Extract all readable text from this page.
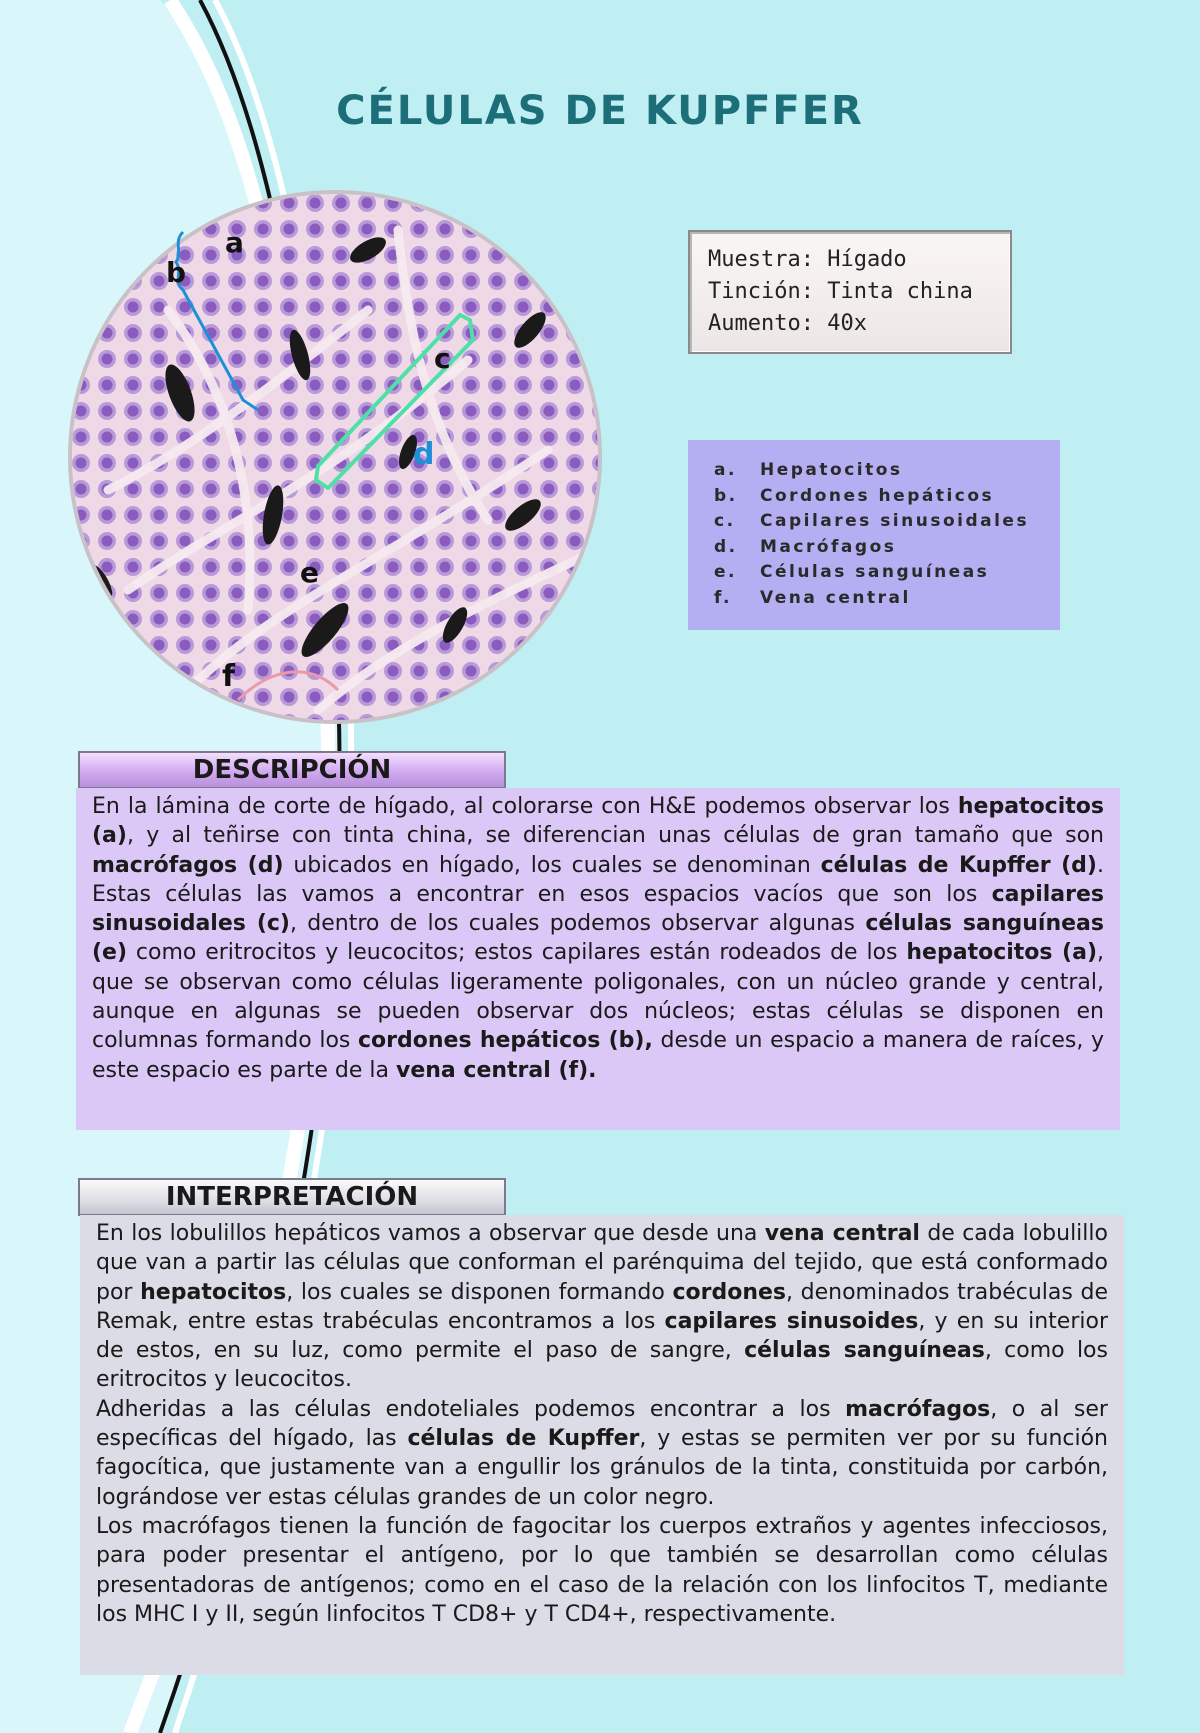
CÉLULAS DE KUPFFER
a
b
c
d
e
f
Muestra: Hígado
Tinción: Tinta china
Aumento: 40x
a.	Hepatocitos
b.	Cordones hepáticos
c.	Capilares sinusoidales
d.	Macrófagos
e.	Células sanguíneas
f.	Vena central
DESCRIPCIÓN

En la lámina de corte de hígado, al colorarse con H&E podemos observar los hepatocitos (a), y al teñirse con tinta china, se diferencian unas células de gran tamaño que son macrófagos (d) ubicados en hígado, los cuales se denominan células de Kupffer (d). Estas células las vamos a encontrar en esos espacios vacíos que son los capilares sinusoidales (c), dentro de los cuales podemos observar algunas células sanguíneas (e) como eritrocitos y leucocitos; estos capilares están rodeados de los hepatocitos (a), que se observan como células ligeramente poligonales, con un núcleo grande y central, aunque en algunas se pueden observar dos núcleos; estas células se disponen en columnas formando los cordones hepáticos (b), desde un espacio a manera de raíces, y este espacio es parte de la vena central (f).

INTERPRETACIÓN

En los lobulillos hepáticos vamos a observar que desde una vena central de cada lobulillo que van a partir las células que conforman el parénquima del tejido, que está conformado por hepatocitos, los cuales se disponen formando cordones, denominados trabéculas de Remak, entre estas trabéculas encontramos a los capilares sinusoides, y en su interior de estos, en su luz, como permite el paso de sangre, células sanguíneas, como los eritrocitos y leucocitos.

Adheridas a las células endoteliales podemos encontrar a los macrófagos, o al ser específicas del hígado, las células de Kupffer, y estas se permiten ver por su función fagocítica, que justamente van a engullir los gránulos de la tinta, constituida por carbón, lográndose ver estas células grandes de un color negro.

Los macrófagos tienen la función de fagocitar los cuerpos extraños y agentes infecciosos, para poder presentar el antígeno, por lo que también se desarrollan como células presentadoras de antígenos; como en el caso de la relación con los linfocitos T, mediante los MHC I y II, según linfocitos T CD8+ y T CD4+, respectivamente.
